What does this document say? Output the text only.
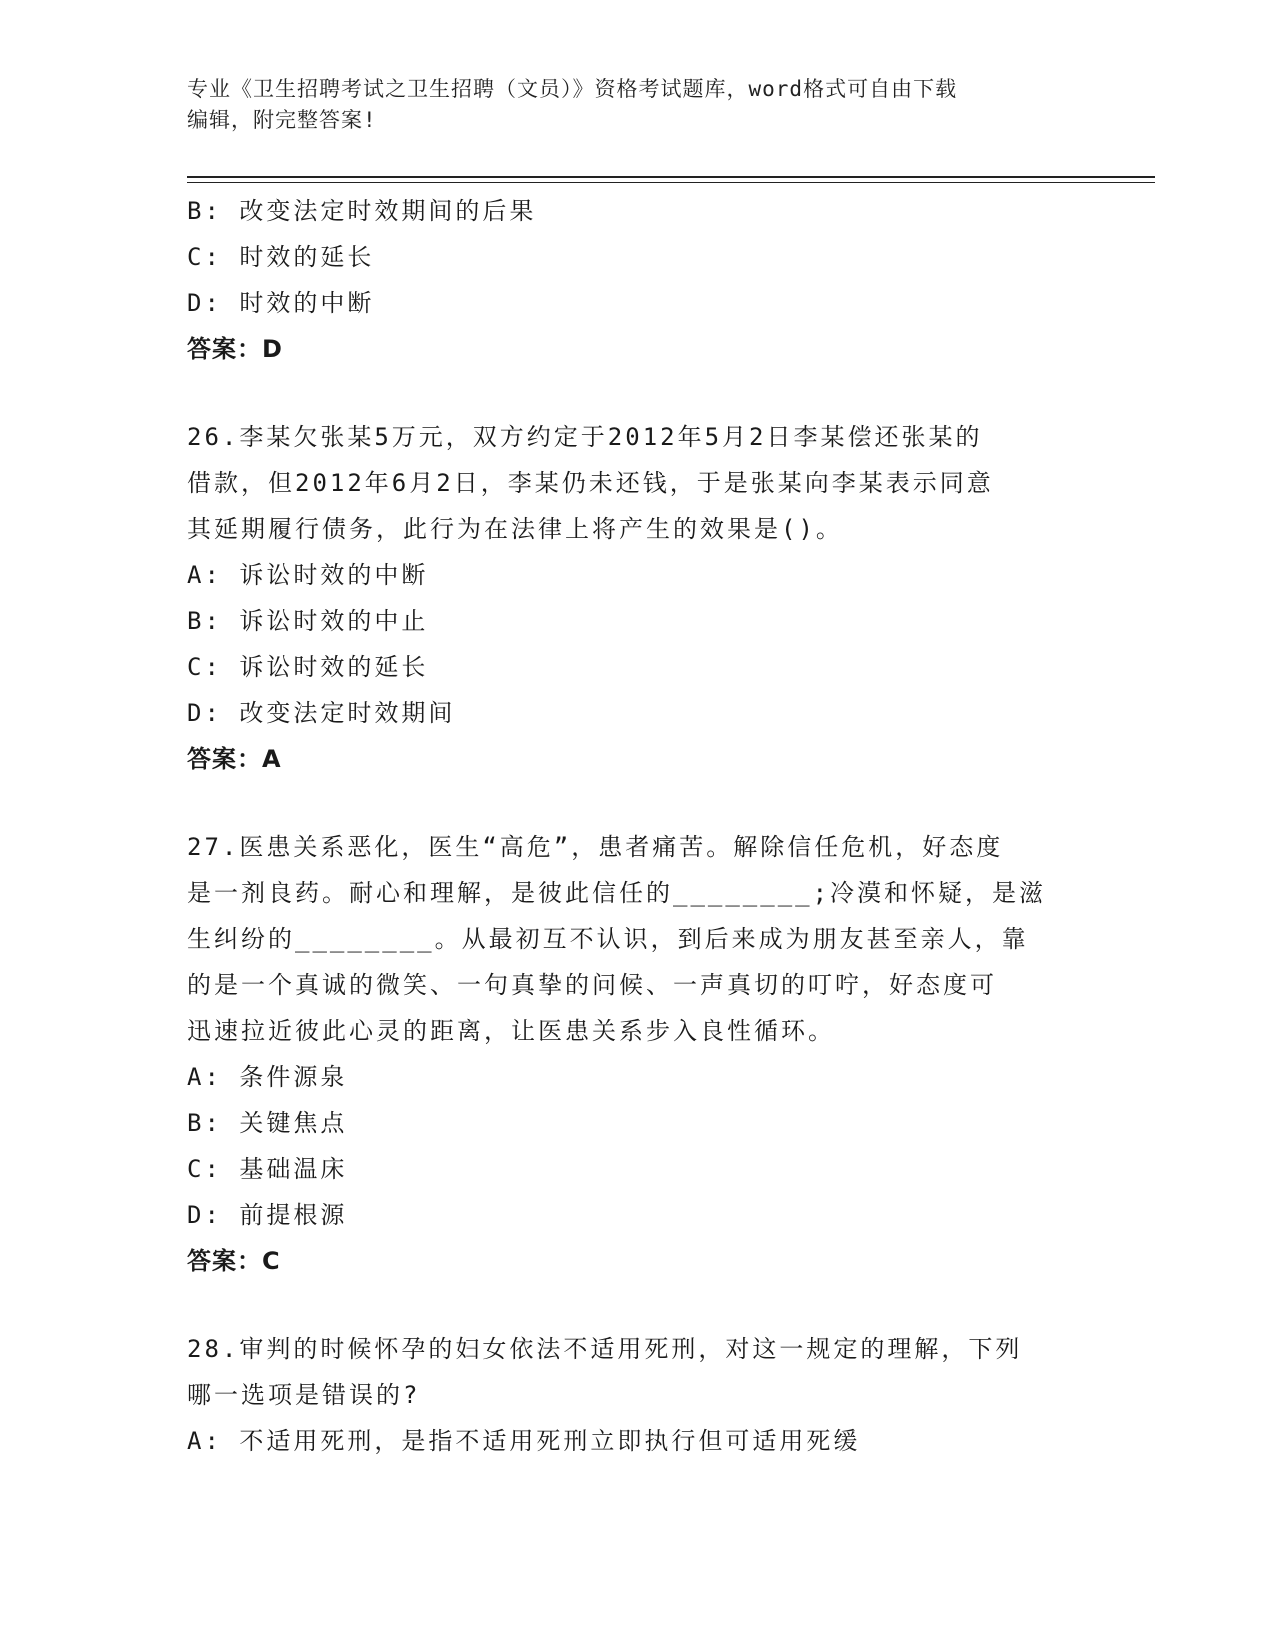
专业《卫生招聘考试之卫生招聘（文员）》资格考试题库，word格式可自由下载
编辑，附完整答案!

B: 改变法定时效期间的后果

C: 时效的延长

D: 时效的中断

答案：D

26.李某欠张某5万元，双方约定于2012年5月2日李某偿还张某的

借款，但2012年6月2日，李某仍未还钱，于是张某向李某表示同意

其延期履行债务，此行为在法律上将产生的效果是()。

A: 诉讼时效的中断

B: 诉讼时效的中止

C: 诉讼时效的延长

D: 改变法定时效期间

答案：A

27.医患关系恶化，医生“高危”，患者痛苦。解除信任危机，好态度

是一剂良药。耐心和理解，是彼此信任的________;冷漠和怀疑，是滋

生纠纷的________。从最初互不认识，到后来成为朋友甚至亲人，靠

的是一个真诚的微笑、一句真挚的问候、一声真切的叮咛，好态度可

迅速拉近彼此心灵的距离，让医患关系步入良性循环。

A: 条件源泉

B: 关键焦点

C: 基础温床

D: 前提根源

答案：C

28.审判的时候怀孕的妇女依法不适用死刑，对这一规定的理解，下列

哪一选项是错误的?

A: 不适用死刑，是指不适用死刑立即执行但可适用死缓
